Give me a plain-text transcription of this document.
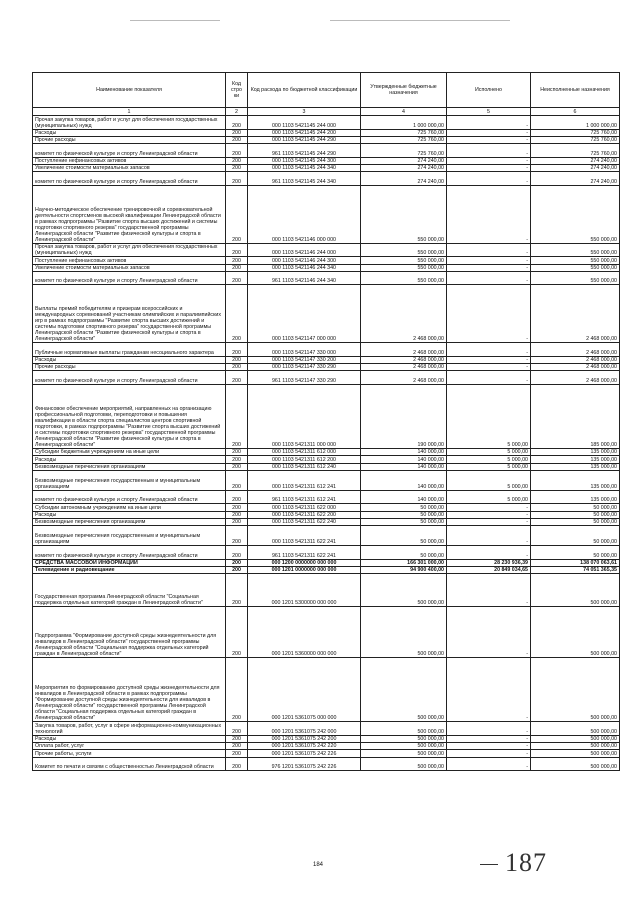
Наименование показателя	Код стро ки	Код расхода по бюджетной классификации	Утвержденные бюджетные назначения	Исполнено	Неисполненные назначения
1	2	3	4	5	6
Прочая закупка товаров, работ и услуг для обеспечения государственных (муниципальных) нужд	200	000 1103 5421145 244 000	1 000 000,00	-	1 000 000,00
Расходы	200	000 1103 5421145 244 200	725 760,00	-	725 760,00
Прочие расходы	200	000 1103 5421145 244 290	725 760,00	-	725 760,00
комитет по физической культуре и спорту Ленинградской области	200	961 1103 5421145 244 290	725 760,00	-	725 760,00
Поступление нефинансовых активов	200	000 1103 5421145 244 300	274 240,00	-	274 240,00
Увеличение стоимости материальных запасов	200	000 1103 5421145 244 340	274 240,00	-	274 240,00
комитет по физической культуре и спорту Ленинградской области	200	961 1103 5421145 244 340	274 240,00	-	274 240,00
Научно-методическое обеспечение тренировочной и соревновательной деятельности спортсменов высокой квалификации Ленинградской области в рамках подпрограммы "Развитие спорта высших достижений и системы подготовки спортивного резерва" государственной программы Ленинградской области "Развитие физической культуры и спорта в Ленинградской области"	200	000 1103 5421146 000 000	550 000,00	-	550 000,00
Прочая закупка товаров, работ и услуг для обеспечения государственных (муниципальных) нужд	200	000 1103 5421146 244 000	550 000,00	-	550 000,00
Поступление нефинансовых активов	200	000 1103 5421146 244 300	550 000,00	-	550 000,00
Увеличение стоимости материальных запасов	200	000 1103 5421146 244 340	550 000,00	-	550 000,00
комитет по физической культуре и спорту Ленинградской области	200	961 1103 5421146 244 340	550 000,00	-	550 000,00
Выплаты премий победителям и призерам всероссийских и международных соревнований участникам олимпийских и паралимпийских игр в рамках подпрограммы "Развитие спорта высших достижений и системы подготовки спортивного резерва" государственной программы Ленинградской области "Развитие физической культуры и спорта в Ленинградской области"	200	000 1103 5421147 000 000	2 468 000,00	-	2 468 000,00
Публичные нормативные выплаты гражданам несоциального характера	200	000 1103 5421147 330 000	2 468 000,00	-	2 468 000,00
Расходы	200	000 1103 5421147 330 200	2 468 000,00	-	2 468 000,00
Прочие расходы	200	000 1103 5421147 330 290	2 468 000,00	-	2 468 000,00
комитет по физической культуре и спорту Ленинградской области	200	961 1103 5421147 330 290	2 468 000,00	-	2 468 000,00
Финансовое обеспечение мероприятий, направленных на организацию профессиональной подготовки, переподготовки и повышения квалификации в области спорта специалистов центров спортивной подготовки, в рамках подпрограммы "Развитие спорта высших достижений и системы подготовки спортивного резерва" государственной программы Ленинградской области "Развитие физической культуры и спорта в Ленинградской области"	200	000 1103 5421311 000 000	190 000,00	5 000,00	185 000,00
Субсидии бюджетным учреждениям на иные цели	200	000 1103 5421311 612 000	140 000,00	5 000,00	135 000,00
Расходы	200	000 1103 5421311 612 200	140 000,00	5 000,00	135 000,00
Безвозмездные перечисления организациям	200	000 1103 5421311 612 240	140 000,00	5 000,00	135 000,00
Безвозмездные перечисления государственным и муниципальным организациям	200	000 1103 5421311 612 241	140 000,00	5 000,00	135 000,00
комитет по физической культуре и спорту Ленинградской области	200	961 1103 5421311 612 241	140 000,00	5 000,00	135 000,00
Субсидии автономным учреждениям на иные цели	200	000 1103 5421311 622 000	50 000,00	-	50 000,00
Расходы	200	000 1103 5421311 622 200	50 000,00	-	50 000,00
Безвозмездные перечисления организациям	200	000 1103 5421311 622 240	50 000,00	-	50 000,00
Безвозмездные перечисления государственным и муниципальным организациям	200	000 1103 5421311 622 241	50 000,00	-	50 000,00
комитет по физической культуре и спорту Ленинградской области	200	961 1103 5421311 622 241	50 000,00	-	50 000,00
СРЕДСТВА МАССОВОЙ ИНФОРМАЦИИ	200	000 1200 0000000 000 000	166 301 000,00	28 230 936,39	138 070 063,61
Телевидение и радиовещание	200	000 1201 0000000 000 000	94 900 400,00	20 849 034,65	74 051 365,35
Государственная программа Ленинградской области "Социальная поддержка отдельных категорий граждан в Ленинградской области"	200	000 1201 5300000 000 000	500 000,00	-	500 000,00
Подпрограмма "Формирование доступной среды жизнедеятельности для инвалидов в Ленинградской области" государственной программы Ленинградской области "Социальная поддержка отдельных категорий граждан в Ленинградской области"	200	000 1201 5360000 000 000	500 000,00	-	500 000,00
Мероприятия по формированию доступной среды жизнедеятельности для инвалидов в Ленинградской области в рамках подпрограммы "Формирование доступной среды жизнедеятельности для инвалидов в Ленинградской области" государственной программы Ленинградской области "Социальная поддержка отдельных категорий граждан в Ленинградской области"	200	000 1201 5361075 000 000	500 000,00	-	500 000,00
Закупка товаров, работ, услуг в сфере информационно-коммуникационных технологий	200	000 1201 5361075 242 000	500 000,00	-	500 000,00
Расходы	200	000 1201 5361075 242 200	500 000,00	-	500 000,00
Оплата работ, услуг	200	000 1201 5361075 242 220	500 000,00	-	500 000,00
Прочие работы, услуги	200	000 1201 5361075 242 226	500 000,00	-	500 000,00
Комитет по печати и связям с общественностью Ленинградской области	200	976 1201 5361075 242 226	500 000,00	-	500 000,00
184	187
